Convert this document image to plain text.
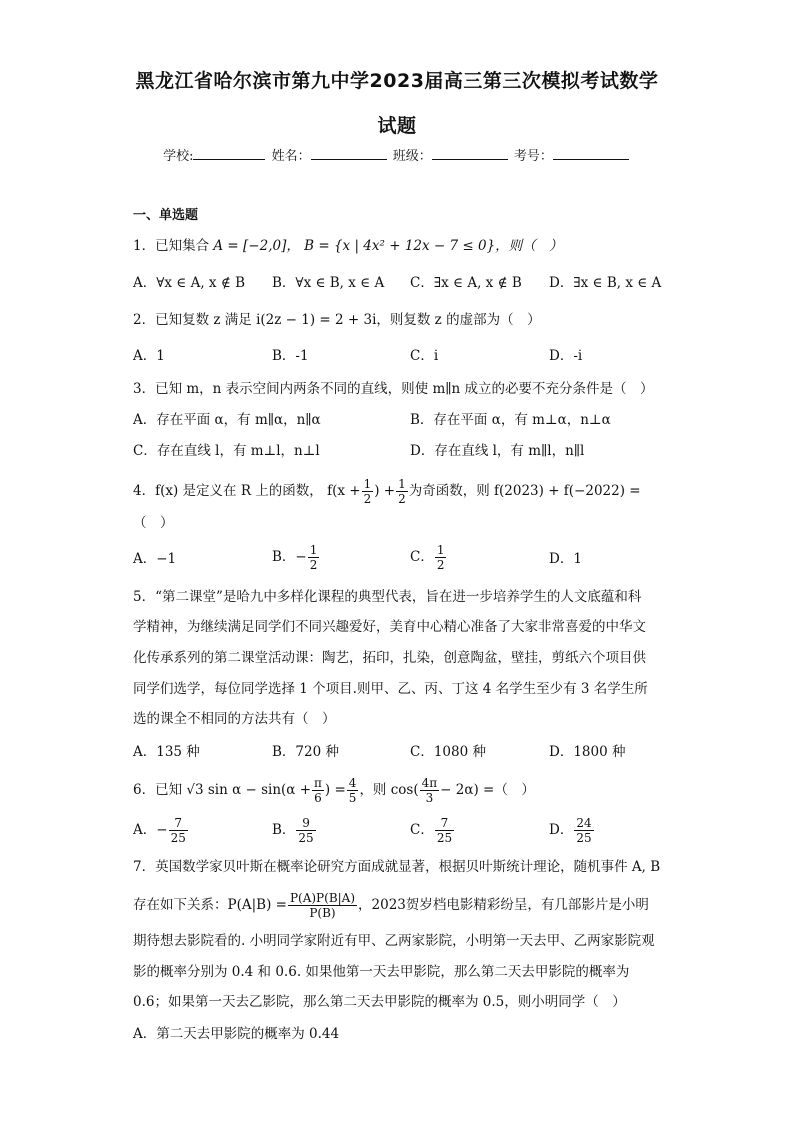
黑龙江省哈尔滨市第九中学2023届高三第三次模拟考试数学
试题
学校:	姓名：	班级：	考号：
一、单选题
1．已知集合 A = [−2,0]， B = {x | 4x² + 12x − 7 ≤ 0}，则（　）
A．∀x ∈ A, x ∉ B B．∀x ∈ B, x ∈ A C．∃x ∈ A, x ∉ B D．∃x ∈ B, x ∈ A
2．已知复数 z 满足 i(2z − 1) = 2 + 3i，则复数 z 的虚部为（　）
A．1	B．-1	C．i	D．-i
3．已知 m，n 表示空间内两条不同的直线，则使 m∥n 成立的必要不充分条件是（　）
A．存在平面 α，有 m∥α，n∥α	B．存在平面 α，有 m⊥α，n⊥α
C．存在直线 l，有 m⊥l，n⊥l	D．存在直线 l，有 m∥l，n∥l
4．f(x) 是定义在 R 上的函数， $f(x + \frac{1}{2}$ ) + $\frac{1}{2}$ 为奇函数，则 f(2023) + f(−2022) =
（　）
A．−1	B．− $\frac{1}{2}$	C． $\frac{1}{2}$	D．1
5．“第二课堂”是哈九中多样化课程的典型代表，旨在进一步培养学生的人文底蕴和科
学精神，为继续满足同学们不同兴趣爱好，美育中心精心准备了大家非常喜爱的中华文
化传承系列的第二课堂活动课：陶艺，拓印，扎染，创意陶盆，壁挂，剪纸六个项目供
同学们选学，每位同学选择 1 个项目.则甲、乙、丙、丁这 4 名学生至少有 3 名学生所
选的课全不相同的方法共有（　）
A．135 种	B．720 种	C．1080 种	D．1800 种
6．已知 √3 $\sin \alpha - \sin(\alpha + \frac{\pi}{6}$ ) = $\frac{4}{5}$ ，则 $\cos( \frac{4\pi}{3} - 2\alpha)$ =（　）
A．− $\frac{7}{25}$	B． $\frac{9}{25}$	C． $\frac{7}{25}$	D． $\frac{24}{25}$
7．英国数学家贝叶斯在概率论研究方面成就显著，根据贝叶斯统计理论，随机事件 A, B
存在如下关系：$P(A|B) = \frac{P(A)P(B|A)}{P(B)}$ ，2023贺岁档电影精彩纷呈，有几部影片是小明
期待想去影院看的. 小明同学家附近有甲、乙两家影院，小明第一天去甲、乙两家影院观
影的概率分别为 0.4 和 0.6. 如果他第一天去甲影院，那么第二天去甲影院的概率为
0.6；如果第一天去乙影院，那么第二天去甲影院的概率为 0.5，则小明同学（　）
A．第二天去甲影院的概率为 0.44
